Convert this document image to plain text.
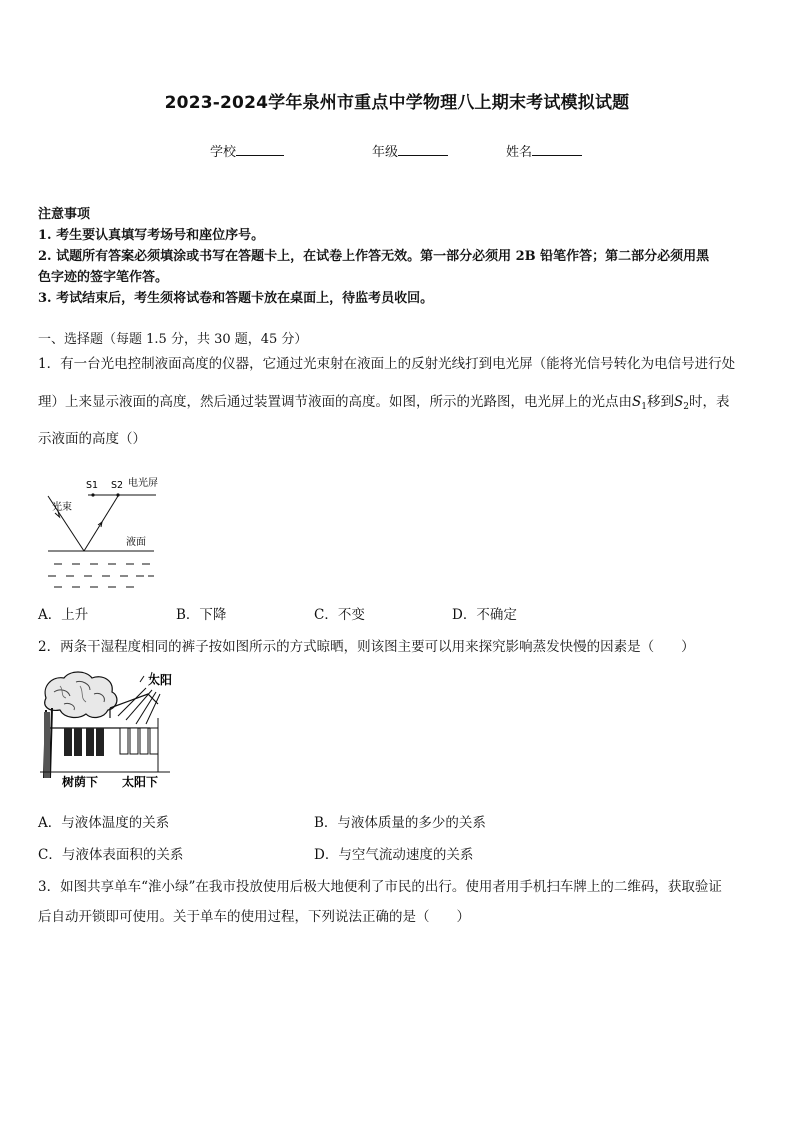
2023-2024学年泉州市重点中学物理八上期末考试模拟试题
学校	年级	姓名
注意事项
1. 考生要认真填写考场号和座位序号。
2. 试题所有答案必须填涂或书写在答题卡上，在试卷上作答无效。第一部分必须用 2B 铅笔作答；第二部分必须用黑
色字迹的签字笔作答。
3. 考试结束后，考生须将试卷和答题卡放在桌面上，待监考员收回。
一、选择题（每题 1.5 分，共 30 题，45 分）
1．有一台光电控制液面高度的仪器，它通过光束射在液面上的反射光线打到电光屏（能将光信号转化为电信号进行处
理）上来显示液面的高度，然后通过装置调节液面的高度。如图，所示的光路图，电光屏上的光点由$S_1$移到$S_2$时，表
示液面的高度（）
S1 S2 电光屏
光束
液面
A．上升	B．下降	C．不变	D．不确定
2．两条干湿程度相同的裤子按如图所示的方式晾晒，则该图主要可以用来探究影响蒸发快慢的因素是（　　）
太阳
树荫下 太阳下
A．与液体温度的关系	B．与液体质量的多少的关系
C．与液体表面积的关系	D．与空气流动速度的关系
3．如图共享单车“淮小绿”在我市投放使用后极大地便利了市民的出行。使用者用手机扫车牌上的二维码，获取验证
后自动开锁即可使用。关于单车的使用过程，下列说法正确的是（　　）
